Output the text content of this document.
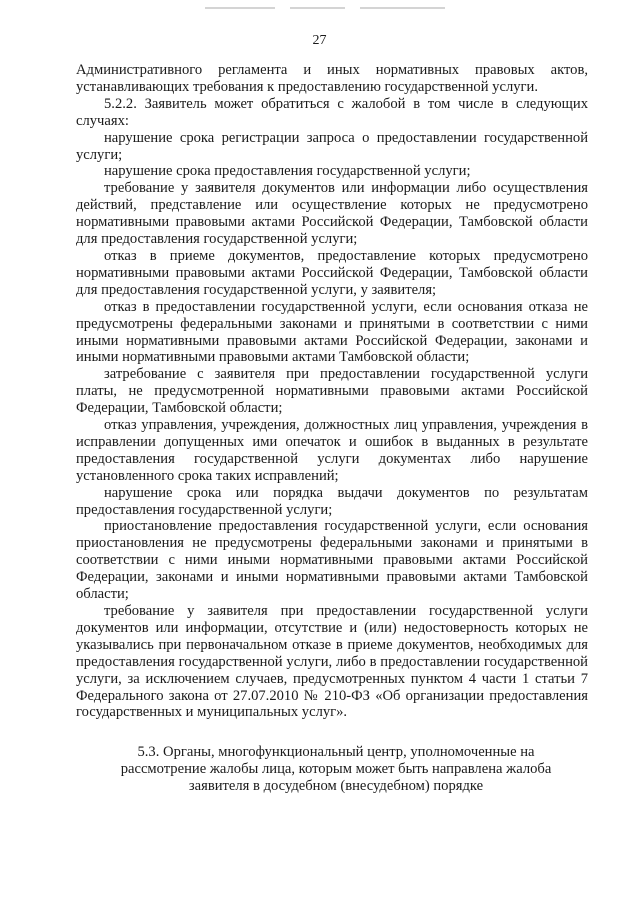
27

Административного регламента и иных нормативных правовых актов, устанавливающих требования к предоставлению государственной услуги.

5.2.2. Заявитель может обратиться с жалобой в том числе в следующих случаях:

нарушение срока регистрации запроса о предоставлении государственной услуги;

нарушение срока предоставления государственной услуги;

требование у заявителя документов или информации либо осуществления действий, представление или осуществление которых не предусмотрено нормативными правовыми актами Российской Федерации, Тамбовской области для предоставления государственной услуги;

отказ в приеме документов, предоставление которых предусмотрено нормативными правовыми актами Российской Федерации, Тамбовской области для предоставления государственной услуги, у заявителя;

отказ в предоставлении государственной услуги, если основания отказа не предусмотрены федеральными законами и принятыми в соответствии с ними иными нормативными правовыми актами Российской Федерации, законами и иными нормативными правовыми актами Тамбовской области;

затребование с заявителя при предоставлении государственной услуги платы, не предусмотренной нормативными правовыми актами Российской Федерации, Тамбовской области;

отказ управления, учреждения, должностных лиц управления, учреждения в исправлении допущенных ими опечаток и ошибок в выданных в результате предоставления государственной услуги документах либо нарушение установленного срока таких исправлений;

нарушение срока или порядка выдачи документов по результатам предоставления государственной услуги;

приостановление предоставления государственной услуги, если основания приостановления не предусмотрены федеральными законами и принятыми в соответствии с ними иными нормативными правовыми актами Российской Федерации, законами и иными нормативными правовыми актами Тамбовской области;

требование у заявителя при предоставлении государственной услуги документов или информации, отсутствие и (или) недостоверность которых не указывались при первоначальном отказе в приеме документов, необходимых для предоставления государственной услуги, либо в предоставлении государственной услуги, за исключением случаев, предусмотренных пунктом 4 части 1 статьи 7 Федерального закона от 27.07.2010 № 210-ФЗ «Об организации предоставления государственных и муниципальных услуг».

5.3. Органы, многофункциональный центр, уполномоченные на
рассмотрение жалобы лица, которым может быть направлена жалоба
заявителя в досудебном (внесудебном) порядке
